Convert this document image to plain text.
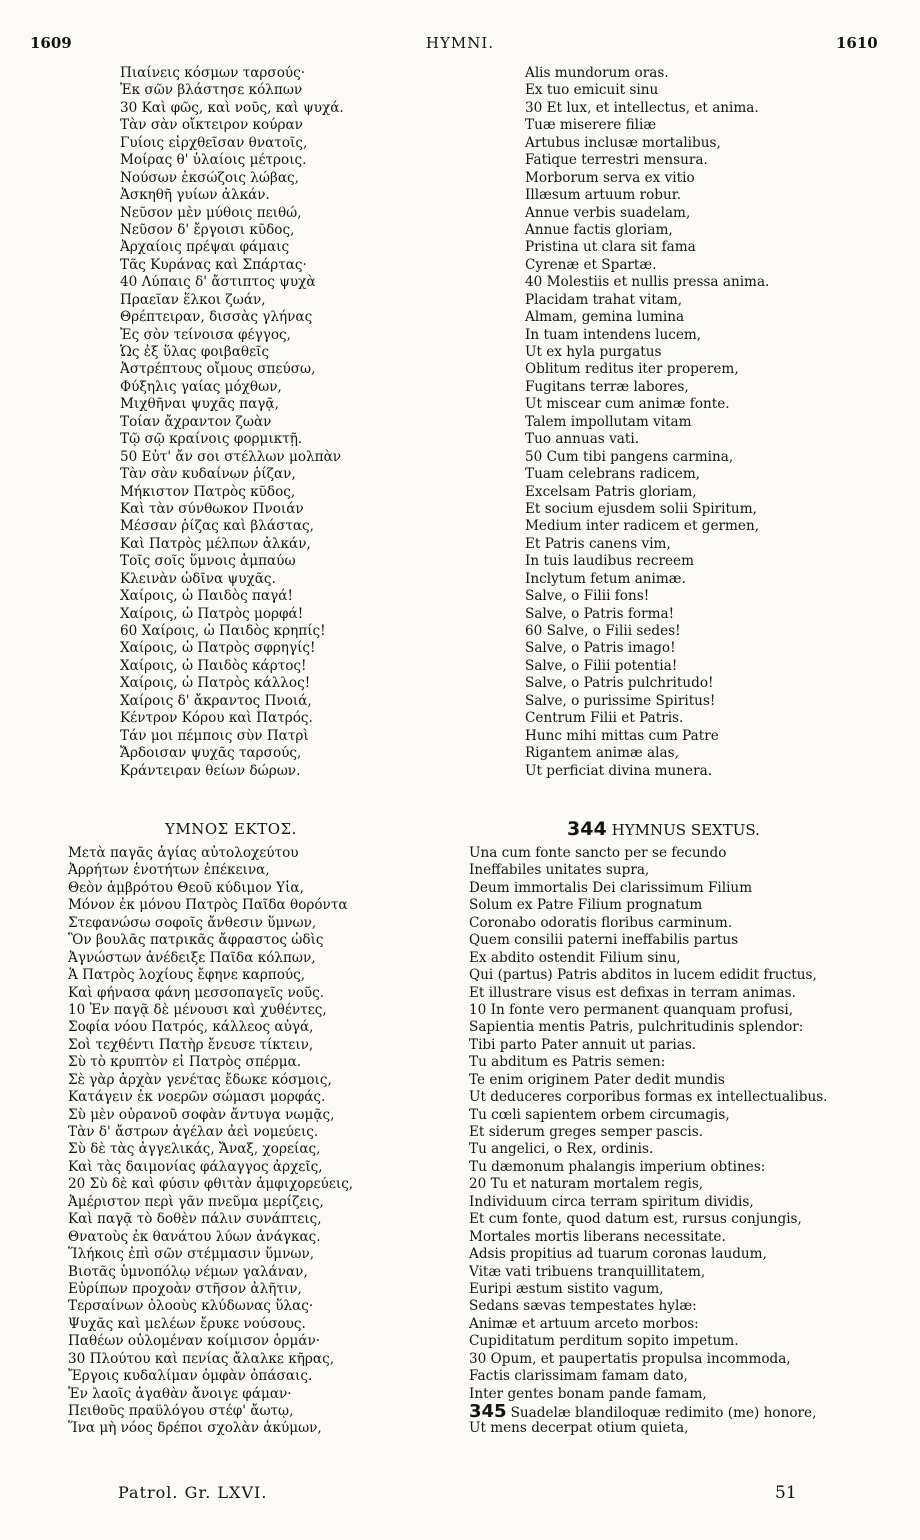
1609	HYMNI.	1610
Πιαίνεις κόσμων ταρσούς·
Ἐκ σῶν βλάστησε κόλπων
30 Καὶ φῶς, καὶ νοῦς, καὶ ψυχά.
Τὰν σὰν οἴκτειρον κούραν
Γυίοις εἰρχθεῖσαν θνατοῖς,
Μοίρας θ' ὑλαίοις μέτροις.
Νούσων ἐκσώζοις λώβας,
Ἀσκηθῆ γυίων ἀλκάν.
Νεῦσον μὲν μύθοις πειθώ,
Νεῦσον δ' ἔργοισι κῦδος,
Ἀρχαίοις πρέψαι φάμαις
Τᾶς Κυράνας καὶ Σπάρτας·
40 Λύπαις δ' ἄστιπτος ψυχὰ
Πραεῖαν ἕλκοι ζωάν,
Θρέπτειραν, δισσὰς γλήνας
Ἐς σὸν τείνοισα φέγγος,
Ὡς ἐξ ὕλας φοιβαθεῖς
Ἀστρέπτους οἴμους σπεύσω,
Φύξηλις γαίας μόχθων,
Μιχθῆναι ψυχᾶς παγᾷ,
Τοίαν ἄχραντον ζωὰν
Τῷ σῷ κραίνοις φορμικτῇ.
50 Εὖτ' ἄν σοι στέλλων μολπὰν
Τὰν σὰν κυδαίνων ῥίζαν,
Μήκιστον Πατρὸς κῦδος,
Καὶ τὰν σύνθωκον Πνοιάν
Μέσσαν ῥίζας καὶ βλάστας,
Καὶ Πατρὸς μέλπων ἀλκάν,
Τοῖς σοῖς ὕμνοις ἀμπαύω
Κλεινὰν ὠδῖνα ψυχᾶς.
Χαίροις, ὦ Παιδὸς παγά!
Χαίροις, ὦ Πατρὸς μορφά!
60 Χαίροις, ὦ Παιδὸς κρηπίς!
Χαίροις, ὦ Πατρὸς σφρηγίς!
Χαίροις, ὦ Παιδὸς κάρτος!
Χαίροις, ὦ Πατρὸς κάλλος!
Χαίροις δ' ἄκραντος Πνοιά,
Κέντρον Κόρου καὶ Πατρός.
Τάν μοι πέμποις σὺν Πατρὶ
Ἄρδοισαν ψυχᾶς ταρσούς,
Κράντειραν θείων δώρων.
Alis mundorum oras.
Ex tuo emicuit sinu
30 Et lux, et intellectus, et anima.
Tuæ miserere filiæ
Artubus inclusæ mortalibus,
Fatique terrestri mensura.
Morborum serva ex vitio
Illæsum artuum robur.
Annue verbis suadelam,
Annue factis gloriam,
Pristina ut clara sit fama
Cyrenæ et Spartæ.
40 Molestiis et nullis pressa anima.
Placidam trahat vitam,
Almam, gemina lumina
In tuam intendens lucem,
Ut ex hyla purgatus
Oblitum reditus iter properem,
Fugitans terræ labores,
Ut miscear cum animæ fonte.
Talem impollutam vitam
Tuo annuas vati.
50 Cum tibi pangens carmina,
Tuam celebrans radicem,
Excelsam Patris gloriam,
Et socium ejusdem solii Spiritum,
Medium inter radicem et germen,
Et Patris canens vim,
In tuis laudibus recreem
Inclytum fetum animæ.
Salve, o Filii fons!
Salve, o Patris forma!
60 Salve, o Filii sedes!
Salve, o Patris imago!
Salve, o Filii potentia!
Salve, o Patris pulchritudo!
Salve, o purissime Spiritus!
Centrum Filii et Patris.
Hunc mihi mittas cum Patre
Rigantem animæ alas,
Ut perficiat divina munera.
ΥΜΝΟΣ ΕΚΤΟΣ.	344 HYMNUS SEXTUS.
Μετὰ παγᾶς ἁγίας αὐτολοχεύτου
Ἀρρήτων ἑνοτήτων ἐπέκεινα,
Θεὸν ἀμβρότου Θεοῦ κύδιμον Υἱα,
Μόνον ἐκ μόνου Πατρὸς Παῖδα θορόντα
Στεφανώσω σοφοῖς ἄνθεσιν ὕμνων,
Ὃν βουλᾶς πατρικᾶς ἄφραστος ὠδὶς
Ἀγνώστων ἀνέδειξε Παῖδα κόλπων,
Ἁ Πατρὸς λοχίους ἔφηνε καρπούς,
Καὶ φήνασα φάνη μεσσοπαγεῖς νοῦς.
10 Ἐν παγᾷ δὲ μένουσι καὶ χυθέντες,
Σοφία νόου Πατρός, κάλλεος αὐγά,
Σοὶ τεχθέντι Πατὴρ ἔνευσε τίκτειν,
Σὺ τὸ κρυπτὸν εἶ Πατρὸς σπέρμα.
Σὲ γὰρ ἀρχὰν γενέτας ἔδωκε κόσμοις,
Κατάγειν ἐκ νοερῶν σώμασι μορφάς.
Σὺ μὲν οὐρανοῦ σοφὰν ἄντυγα νωμᾷς,
Τὰν δ' ἄστρων ἀγέλαν ἀεὶ νομεύεις.
Σὺ δὲ τὰς ἀγγελικάς, Ἄναξ, χορείας,
Καὶ τὰς δαιμονίας φάλαγγος ἀρχεῖς,
20 Σὺ δὲ καὶ φύσιν φθιτὰν ἀμφιχορεύεις,
Ἀμέριστον περὶ γᾶν πνεῦμα μερίζεις,
Καὶ παγᾷ τὸ δοθὲν πάλιν συνάπτεις,
Θνατοὺς ἐκ θανάτου λύων ἀνάγκας.
Ἵλήκοις ἐπὶ σῶν στέμμασιν ὕμνων,
Βιοτᾶς ὑμνοπόλῳ νέμων γαλάναν,
Εὐρίπων προχοὰν στῆσον ἀλῆτιν,
Τερσαίνων ὀλοοὺς κλύδωνας ὕλας·
Ψυχᾶς καὶ μελέων ἔρυκε νούσους.
Παθέων οὐλομέναν κοίμισον ὁρμάν·
30 Πλούτου καὶ πενίας ἄλαλκε κῆρας,
Ἔργοις κυδαλίμαν ὀμφὰν ὀπάσαις.
Ἐν λαοῖς ἀγαθὰν ἄνοιγε φάμαν·
Πειθοῦς πραϋλόγου στέφ' ἄωτῳ,
Ἵνα μὴ νόος δρέποι σχολὰν ἀκύμων,
Una cum fonte sancto per se fecundo
Ineffabiles unitates supra,
Deum immortalis Dei clarissimum Filium
Solum ex Patre Filium prognatum
Coronabo odoratis floribus carminum.
Quem consilii paterni ineffabilis partus
Ex abdito ostendit Filium sinu,
Qui (partus) Patris abditos in lucem edidit fructus,
Et illustrare visus est defixas in terram animas.
10 In fonte vero permanent quanquam profusi,
Sapientia mentis Patris, pulchritudinis splendor:
Tibi parto Pater annuit ut parias.
Tu abditum es Patris semen:
Te enim originem Pater dedit mundis
Ut deduceres corporibus formas ex intellectualibus.
Tu cœli sapientem orbem circumagis,
Et siderum greges semper pascis.
Tu angelici, o Rex, ordinis.
Tu dæmonum phalangis imperium obtines:
20 Tu et naturam mortalem regis,
Individuum circa terram spiritum dividis,
Et cum fonte, quod datum est, rursus conjungis,
Mortales mortis liberans necessitate.
Adsis propitius ad tuarum coronas laudum,
Vitæ vati tribuens tranquillitatem,
Euripi æstum sistito vagum,
Sedans sævas tempestates hylæ:
Animæ et artuum arceto morbos:
Cupiditatum perditum sopito impetum.
30 Opum, et paupertatis propulsa incommoda,
Factis clarissimam famam dato,
Inter gentes bonam pande famam,
345 Suadelæ blandiloquæ redimito (me) honore,
Ut mens decerpat otium quieta,
Patrol. Gr. LXVI.	51
